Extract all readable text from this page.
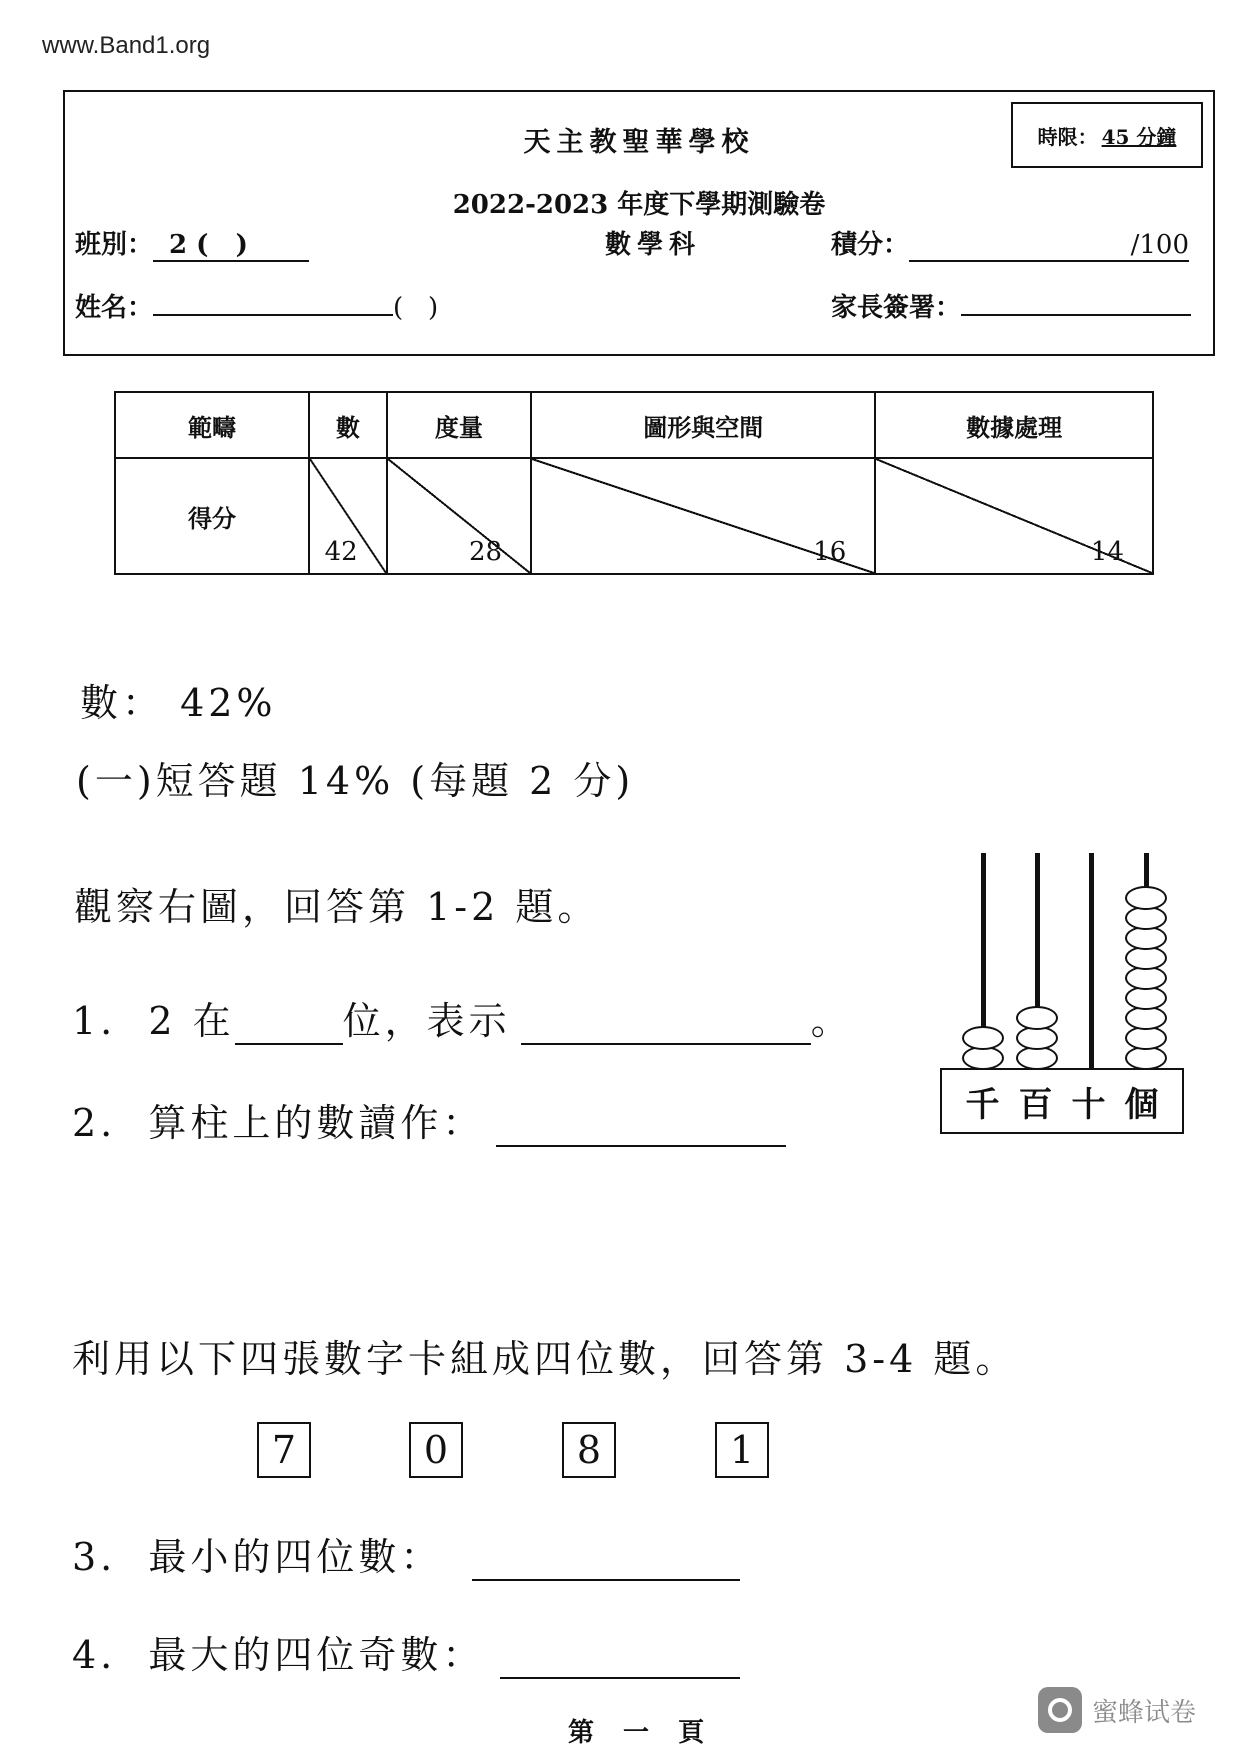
www.Band1.org
天主教聖華學校	時限： 45 分鐘
2022-2023 年度下學期測驗卷
班別： 2 (   )	數學科	積分：	/100
姓名：	(   )	家長簽署：
範疇	數	度量	圖形與空間	數據處理
得分	42	28	16	14
數： 42%
(一)短答題 14% (每題 2 分)
觀察右圖，回答第 1-2 題。
1.  2 在	位，表示	。
2.  算柱上的數讀作：	千 百 十 個
利用以下四張數字卡組成四位數，回答第 3-4 題。
7	0	8	1
3.  最小的四位數：
4.  最大的四位奇數：
第 一 頁
蜜蜂试卷
